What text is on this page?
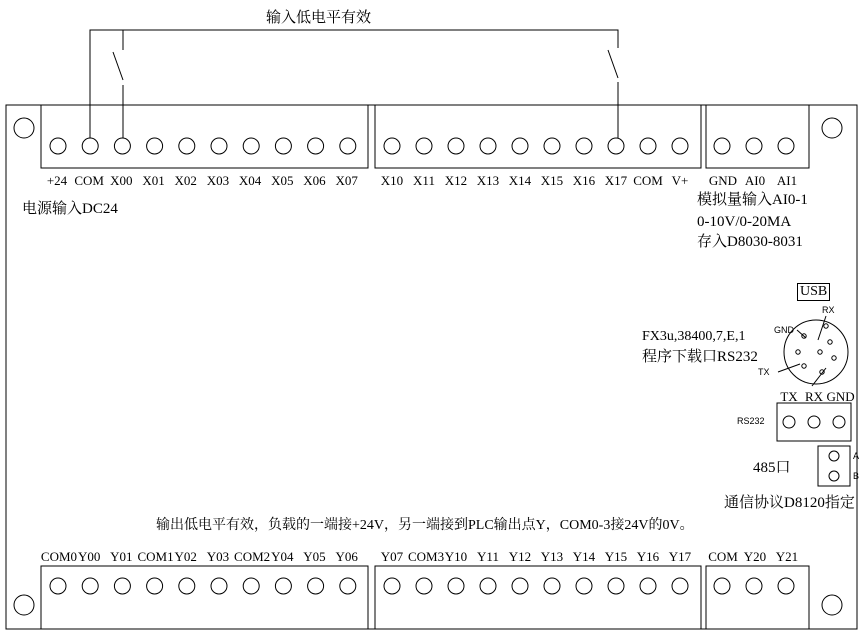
输入低电平有效
+24 COM X00 X01 X02 X03 X04 X05 X06 X07	X10 X11 X12 X13 X14 X15 X16 X17 COM V+	GND AI0 AI1
电源输入DC24
模拟量输入AI0-1
0-10V/0-20MA
存入D8030-8031
USB
FX3u,38400,7,E,1
程序下载口RS232
RX
GND
TX
TX RX GND
RS232
485口
A
B
通信协议D8120指定
输出低电平有效，负载的一端接+24V，另一端接到PLC输出点Y，COM0-3接24V的0V。
COM0 Y00 Y01 COM1 Y02 Y03 COM2 Y04 Y05 Y06	Y07 COM3 Y10 Y11 Y12 Y13 Y14 Y15 Y16 Y17	COM Y20 Y21
